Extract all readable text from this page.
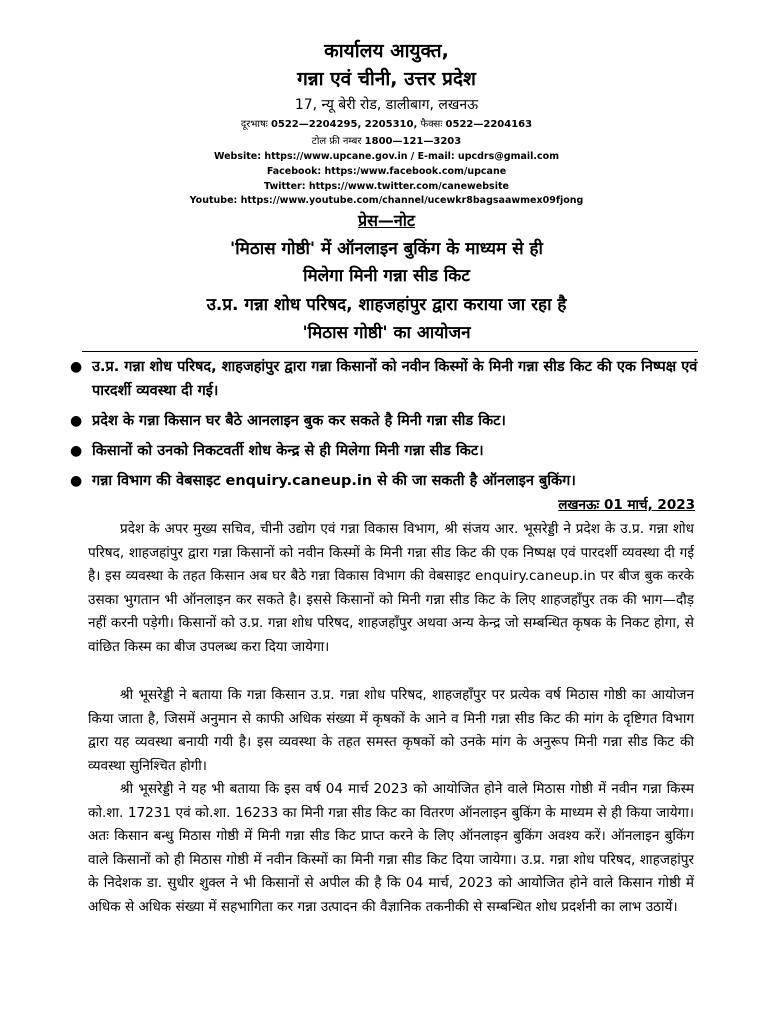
कार्यालय आयुक्त,
गन्ना एवं चीनी, उत्तर प्रदेश
17, न्यू बेरी रोड, डालीबाग, लखनऊ
दूरभाषः 0522—2204295, 2205310, फैक्सः 0522—2204163
टोल फ्री नम्बर 1800—121—3203
Website: https://www.upcane.gov.in / E-mail: upcdrs@gmail.com
Facebook: https:/www.facebook.com/upcane
Twitter: https://www.twitter.com/canewebsite
Youtube: https://www.youtube.com/channel/ucewkr8bagsaawmex09fjong
प्रेस—नोट
'मिठास गोष्ठी' में ऑनलाइन बुकिंग के माध्यम से ही
मिलेगा मिनी गन्ना सीड किट
उ.प्र. गन्ना शोध परिषद, शाहजहांपुर द्वारा कराया जा रहा है
'मिठास गोष्ठी' का आयोजन
● उ.प्र. गन्ना शोध परिषद, शाहजहांपुर द्वारा गन्ना किसानों को नवीन किस्मों के मिनी गन्ना सीड किट की एक निष्पक्ष एवं पारदर्शी व्यवस्था दी गई।
● प्रदेश के गन्ना किसान घर बैठे आनलाइन बुक कर सकते है मिनी गन्ना सीड किट।
● किसानों को उनको निकटवर्ती शोध केन्द्र से ही मिलेगा मिनी गन्ना सीड किट।
● गन्ना विभाग की वेबसाइट enquiry.caneup.in से की जा सकती है ऑनलाइन बुकिंग।
लखनऊः 01 मार्च, 2023

प्रदेश के अपर मुख्य सचिव, चीनी उद्योग एवं गन्ना विकास विभाग, श्री संजय आर. भूसरेड्डी ने प्रदेश के उ.प्र. गन्ना शोध परिषद, शाहजहांपुर द्वारा गन्ना किसानों को नवीन किस्मों के मिनी गन्ना सीड किट की एक निष्पक्ष एवं पारदर्शी व्यवस्था दी गई है। इस व्यवस्था के तहत किसान अब घर बैठे गन्ना विकास विभाग की वेबसाइट enquiry.caneup.in पर बीज बुक करके उसका भुगतान भी ऑनलाइन कर सकते है। इससे किसानों को मिनी गन्ना सीड किट के लिए शाहजहाँपुर तक की भाग—दौड़ नहीं करनी पड़ेगी। किसानों को उ.प्र. गन्ना शोध परिषद, शाहजहाँपुर अथवा अन्य केन्द्र जो सम्बन्धित कृषक के निकट होगा, से वांछित किस्म का बीज उपलब्ध करा दिया जायेगा।

श्री भूसरेड्डी ने बताया कि गन्ना किसान उ.प्र. गन्ना शोध परिषद, शाहजहाँपुर पर प्रत्येक वर्ष मिठास गोष्ठी का आयोजन किया जाता है, जिसमें अनुमान से काफी अधिक संख्या में कृषकों के आने व मिनी गन्ना सीड किट की मांग के दृष्टिगत विभाग द्वारा यह व्यवस्था बनायी गयी है। इस व्यवस्था के तहत समस्त कृषकों को उनके मांग के अनुरूप मिनी गन्ना सीड किट की व्यवस्था सुनिश्चित होगी।

श्री भूसरेड्डी ने यह भी बताया कि इस वर्ष 04 मार्च 2023 को आयोजित होने वाले मिठास गोष्ठी में नवीन गन्ना किस्म को.शा. 17231 एवं को.शा. 16233 का मिनी गन्ना सीड किट का वितरण ऑनलाइन बुकिंग के माध्यम से ही किया जायेगा। अतः किसान बन्धु मिठास गोष्ठी में मिनी गन्ना सीड किट प्राप्त करने के लिए ऑनलाइन बुकिंग अवश्य करें। ऑनलाइन बुकिंग वाले किसानों को ही मिठास गोष्ठी में नवीन किस्मों का मिनी गन्ना सीड किट दिया जायेगा। उ.प्र. गन्ना शोध परिषद, शाहजहांपुर के निदेशक डा. सुधीर शुक्ल ने भी किसानों से अपील की है कि 04 मार्च, 2023 को आयोजित होने वाले किसान गोष्ठी में अधिक से अधिक संख्या में सहभागिता कर गन्ना उत्पादन की वैज्ञानिक तकनीकी से सम्बन्धित शोध प्रदर्शनी का लाभ उठायें।
